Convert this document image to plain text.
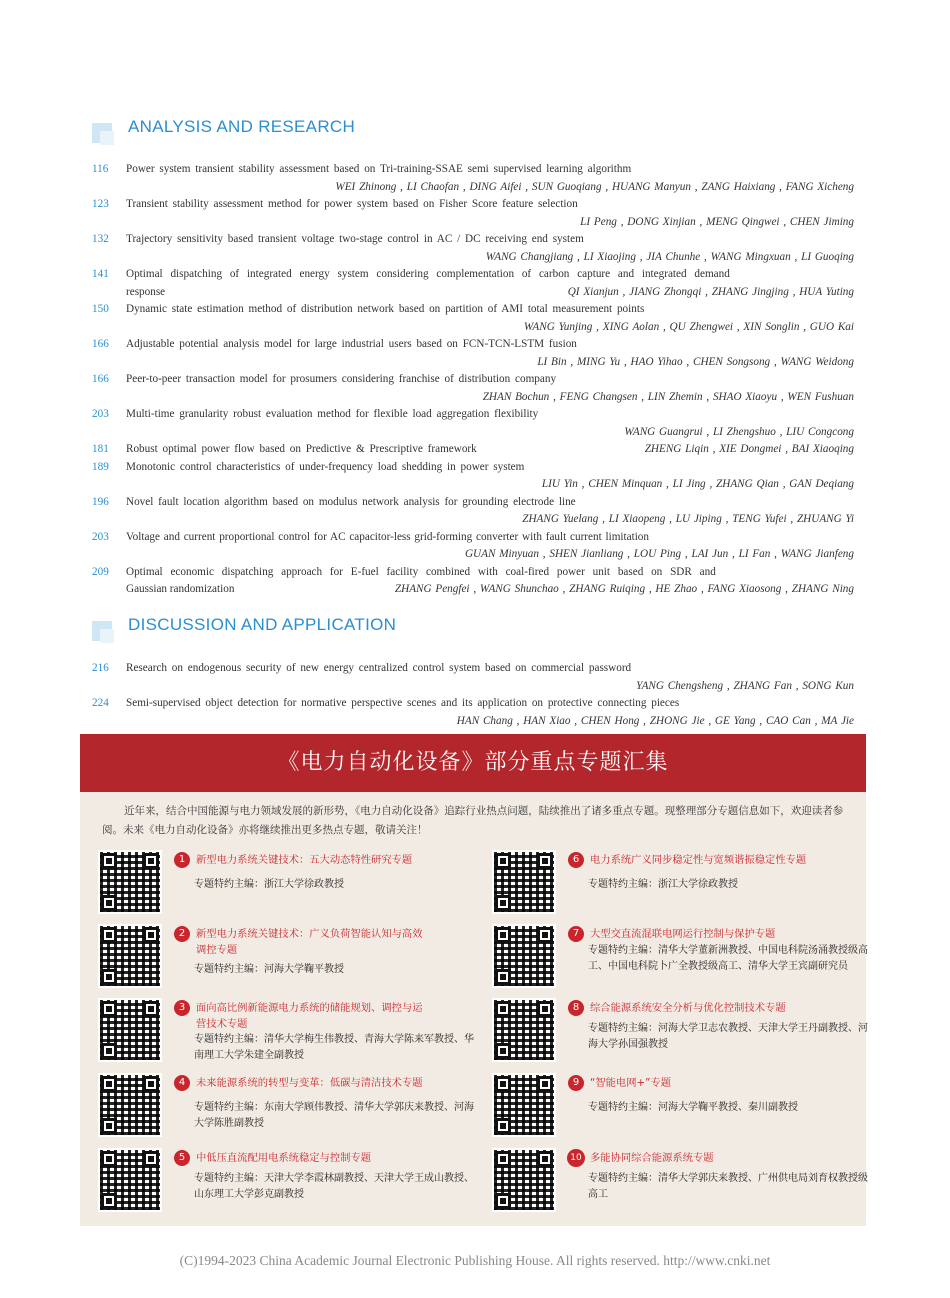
ANALYSIS AND RESEARCH
116	Power system transient stability assessment based on Tri-training-SSAE semi supervised learning algorithm
WEI Zhinong , LI Chaofan , DING Aifei , SUN Guoqiang , HUANG Manyun , ZANG Haixiang , FANG Xicheng
123	Transient stability assessment method for power system based on Fisher Score feature selection
LI Peng , DONG Xinjian , MENG Qingwei , CHEN Jiming
132	Trajectory sensitivity based transient voltage two-stage control in AC / DC receiving end system
WANG Changjiang , LI Xiaojing , JIA Chunhe , WANG Mingxuan , LI Guoqing
141	Optimal dispatching of integrated energy system considering complementation of carbon capture and integrated demand
response	QI Xianjun , JIANG Zhongqi , ZHANG Jingjing , HUA Yuting
150	Dynamic state estimation method of distribution network based on partition of AMI total measurement points
WANG Yunjing , XING Aolan , QU Zhengwei , XIN Songlin , GUO Kai
166	Adjustable potential analysis model for large industrial users based on FCN-TCN-LSTM fusion
LI Bin , MING Yu , HAO Yihao , CHEN Songsong , WANG Weidong
166	Peer-to-peer transaction model for prosumers considering franchise of distribution company
ZHAN Bochun , FENG Changsen , LIN Zhemin , SHAO Xiaoyu , WEN Fushuan
203	Multi-time granularity robust evaluation method for flexible load aggregation flexibility
WANG Guangrui , LI Zhengshuo , LIU Congcong
181	Robust optimal power flow based on Predictive & Prescriptive framework	ZHENG Liqin , XIE Dongmei , BAI Xiaoqing
189	Monotonic control characteristics of under-frequency load shedding in power system
LIU Yin , CHEN Minquan , LI Jing , ZHANG Qian , GAN Deqiang
196	Novel fault location algorithm based on modulus network analysis for grounding electrode line
ZHANG Yuelang , LI Xiaopeng , LU Jiping , TENG Yufei , ZHUANG Yi
203	Voltage and current proportional control for AC capacitor-less grid-forming converter with fault current limitation
GUAN Minyuan , SHEN Jianliang , LOU Ping , LAI Jun , LI Fan , WANG Jianfeng
209	Optimal economic dispatching approach for E-fuel facility combined with coal-fired power unit based on SDR and
Gaussian randomization	ZHANG Pengfei , WANG Shunchao , ZHANG Ruiqing , HE Zhao , FANG Xiaosong , ZHANG Ning
DISCUSSION AND APPLICATION
216	Research on endogenous security of new energy centralized control system based on commercial password
YANG Chengsheng , ZHANG Fan , SONG Kun
224	Semi-supervised object detection for normative perspective scenes and its application on protective connecting pieces
HAN Chang , HAN Xiao , CHEN Hong , ZHONG Jie , GE Yang , CAO Can , MA Jie
《电力自动化设备》部分重点专题汇集
近年来，结合中国能源与电力领域发展的新形势，《电力自动化设备》追踪行业热点问题，陆续推出了诸多重点专题。现整理部分专题信息如下，欢迎读者参阅。未来《电力自动化设备》亦将继续推出更多热点专题，敬请关注！
1	新型电力系统关键技术：五大动态特性研究专题
专题特约主编：浙江大学徐政教授
2	新型电力系统关键技术：广义负荷智能认知与高效调控专题
专题特约主编：河海大学鞠平教授
3	面向高比例新能源电力系统的储能规划、调控与运营技术专题
专题特约主编：清华大学梅生伟教授、青海大学陈来军教授、华南理工大学朱建全副教授
4	未来能源系统的转型与变革：低碳与清洁技术专题
专题特约主编：东南大学顾伟教授、清华大学郭庆来教授、河海大学陈胜副教授
5	中低压直流配用电系统稳定与控制专题
专题特约主编：天津大学李霞林副教授、天津大学王成山教授、山东理工大学彭克副教授
6	电力系统广义同步稳定性与宽频谐振稳定性专题
专题特约主编：浙江大学徐政教授
7	大型交直流混联电网运行控制与保护专题
专题特约主编：清华大学董新洲教授、中国电科院汤涌教授级高工、中国电科院卜广全教授级高工、清华大学王宾副研究员
8	综合能源系统安全分析与优化控制技术专题
专题特约主编：河海大学卫志农教授、天津大学王丹副教授、河海大学孙国强教授
9	“智能电网+”专题
专题特约主编：河海大学鞠平教授、秦川副教授
10 多能协同综合能源系统专题
专题特约主编：清华大学郭庆来教授、广州供电局刘育权教授级高工
(C)1994-2023 China Academic Journal Electronic Publishing House. All rights reserved. http://www.cnki.net
